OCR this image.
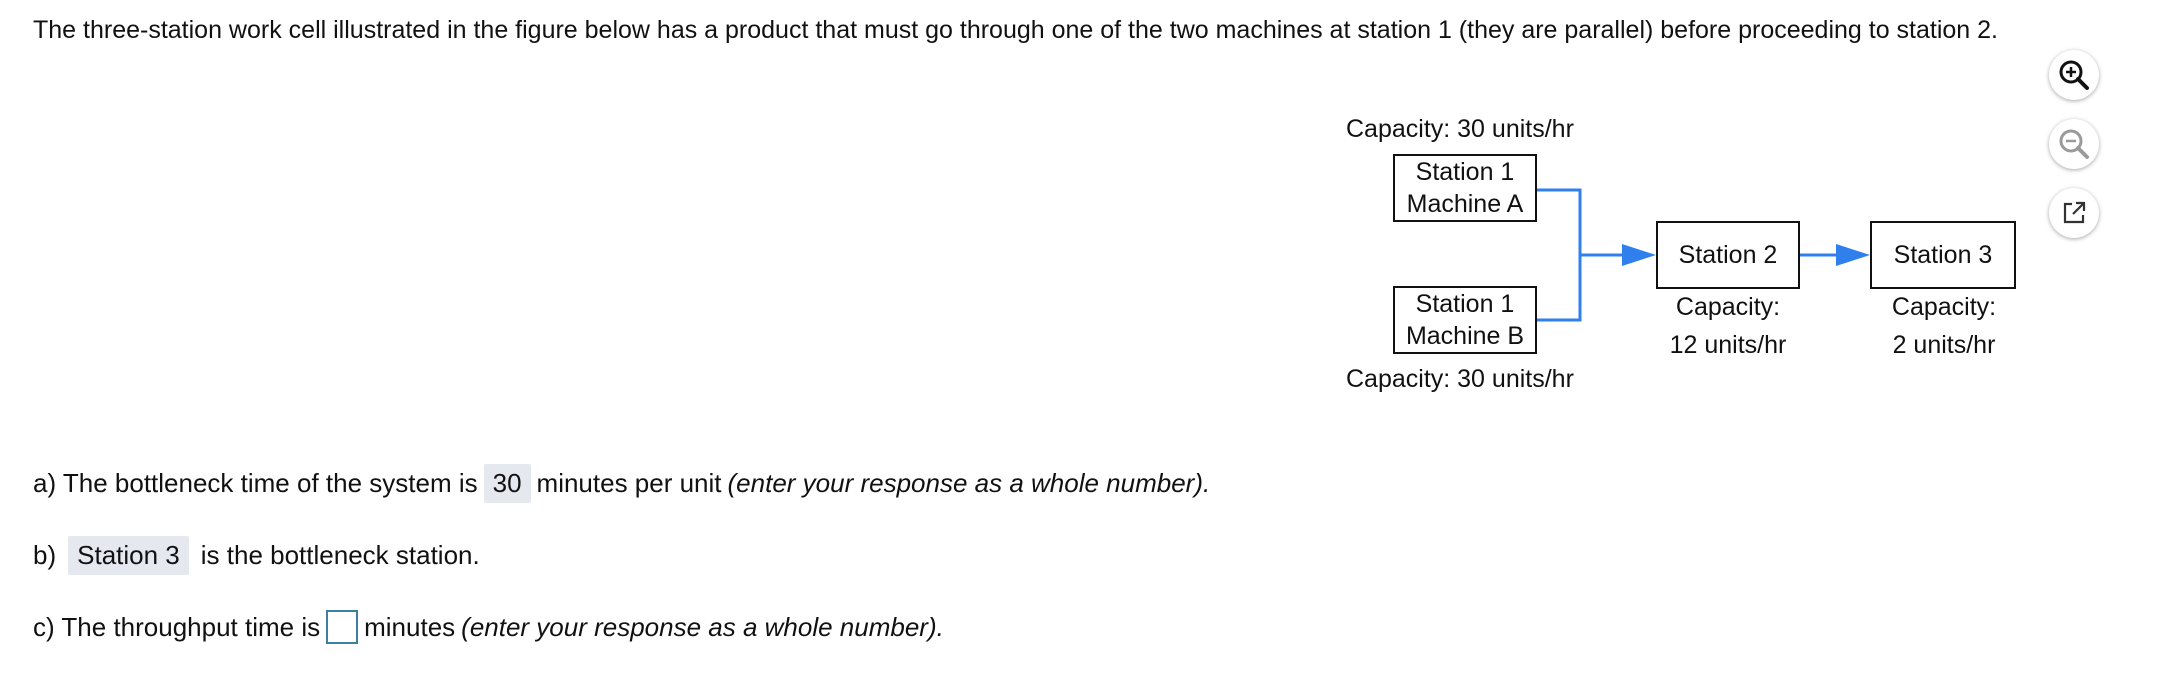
The three-station work cell illustrated in the figure below has a product that must go through one of the two machines at station 1 (they are parallel) before proceeding to station 2.
Capacity: 30 units/hr
Station 1
Machine A
Station 1
Machine B
Capacity: 30 units/hr
Station 2
Capacity:
12 units/hr
Station 3
Capacity:
2 units/hr
a) The bottleneck time of the system is 30 minutes per unit (enter your response as a whole number).
b) Station 3 is the bottleneck station.
c) The throughput time is minutes (enter your response as a whole number).
